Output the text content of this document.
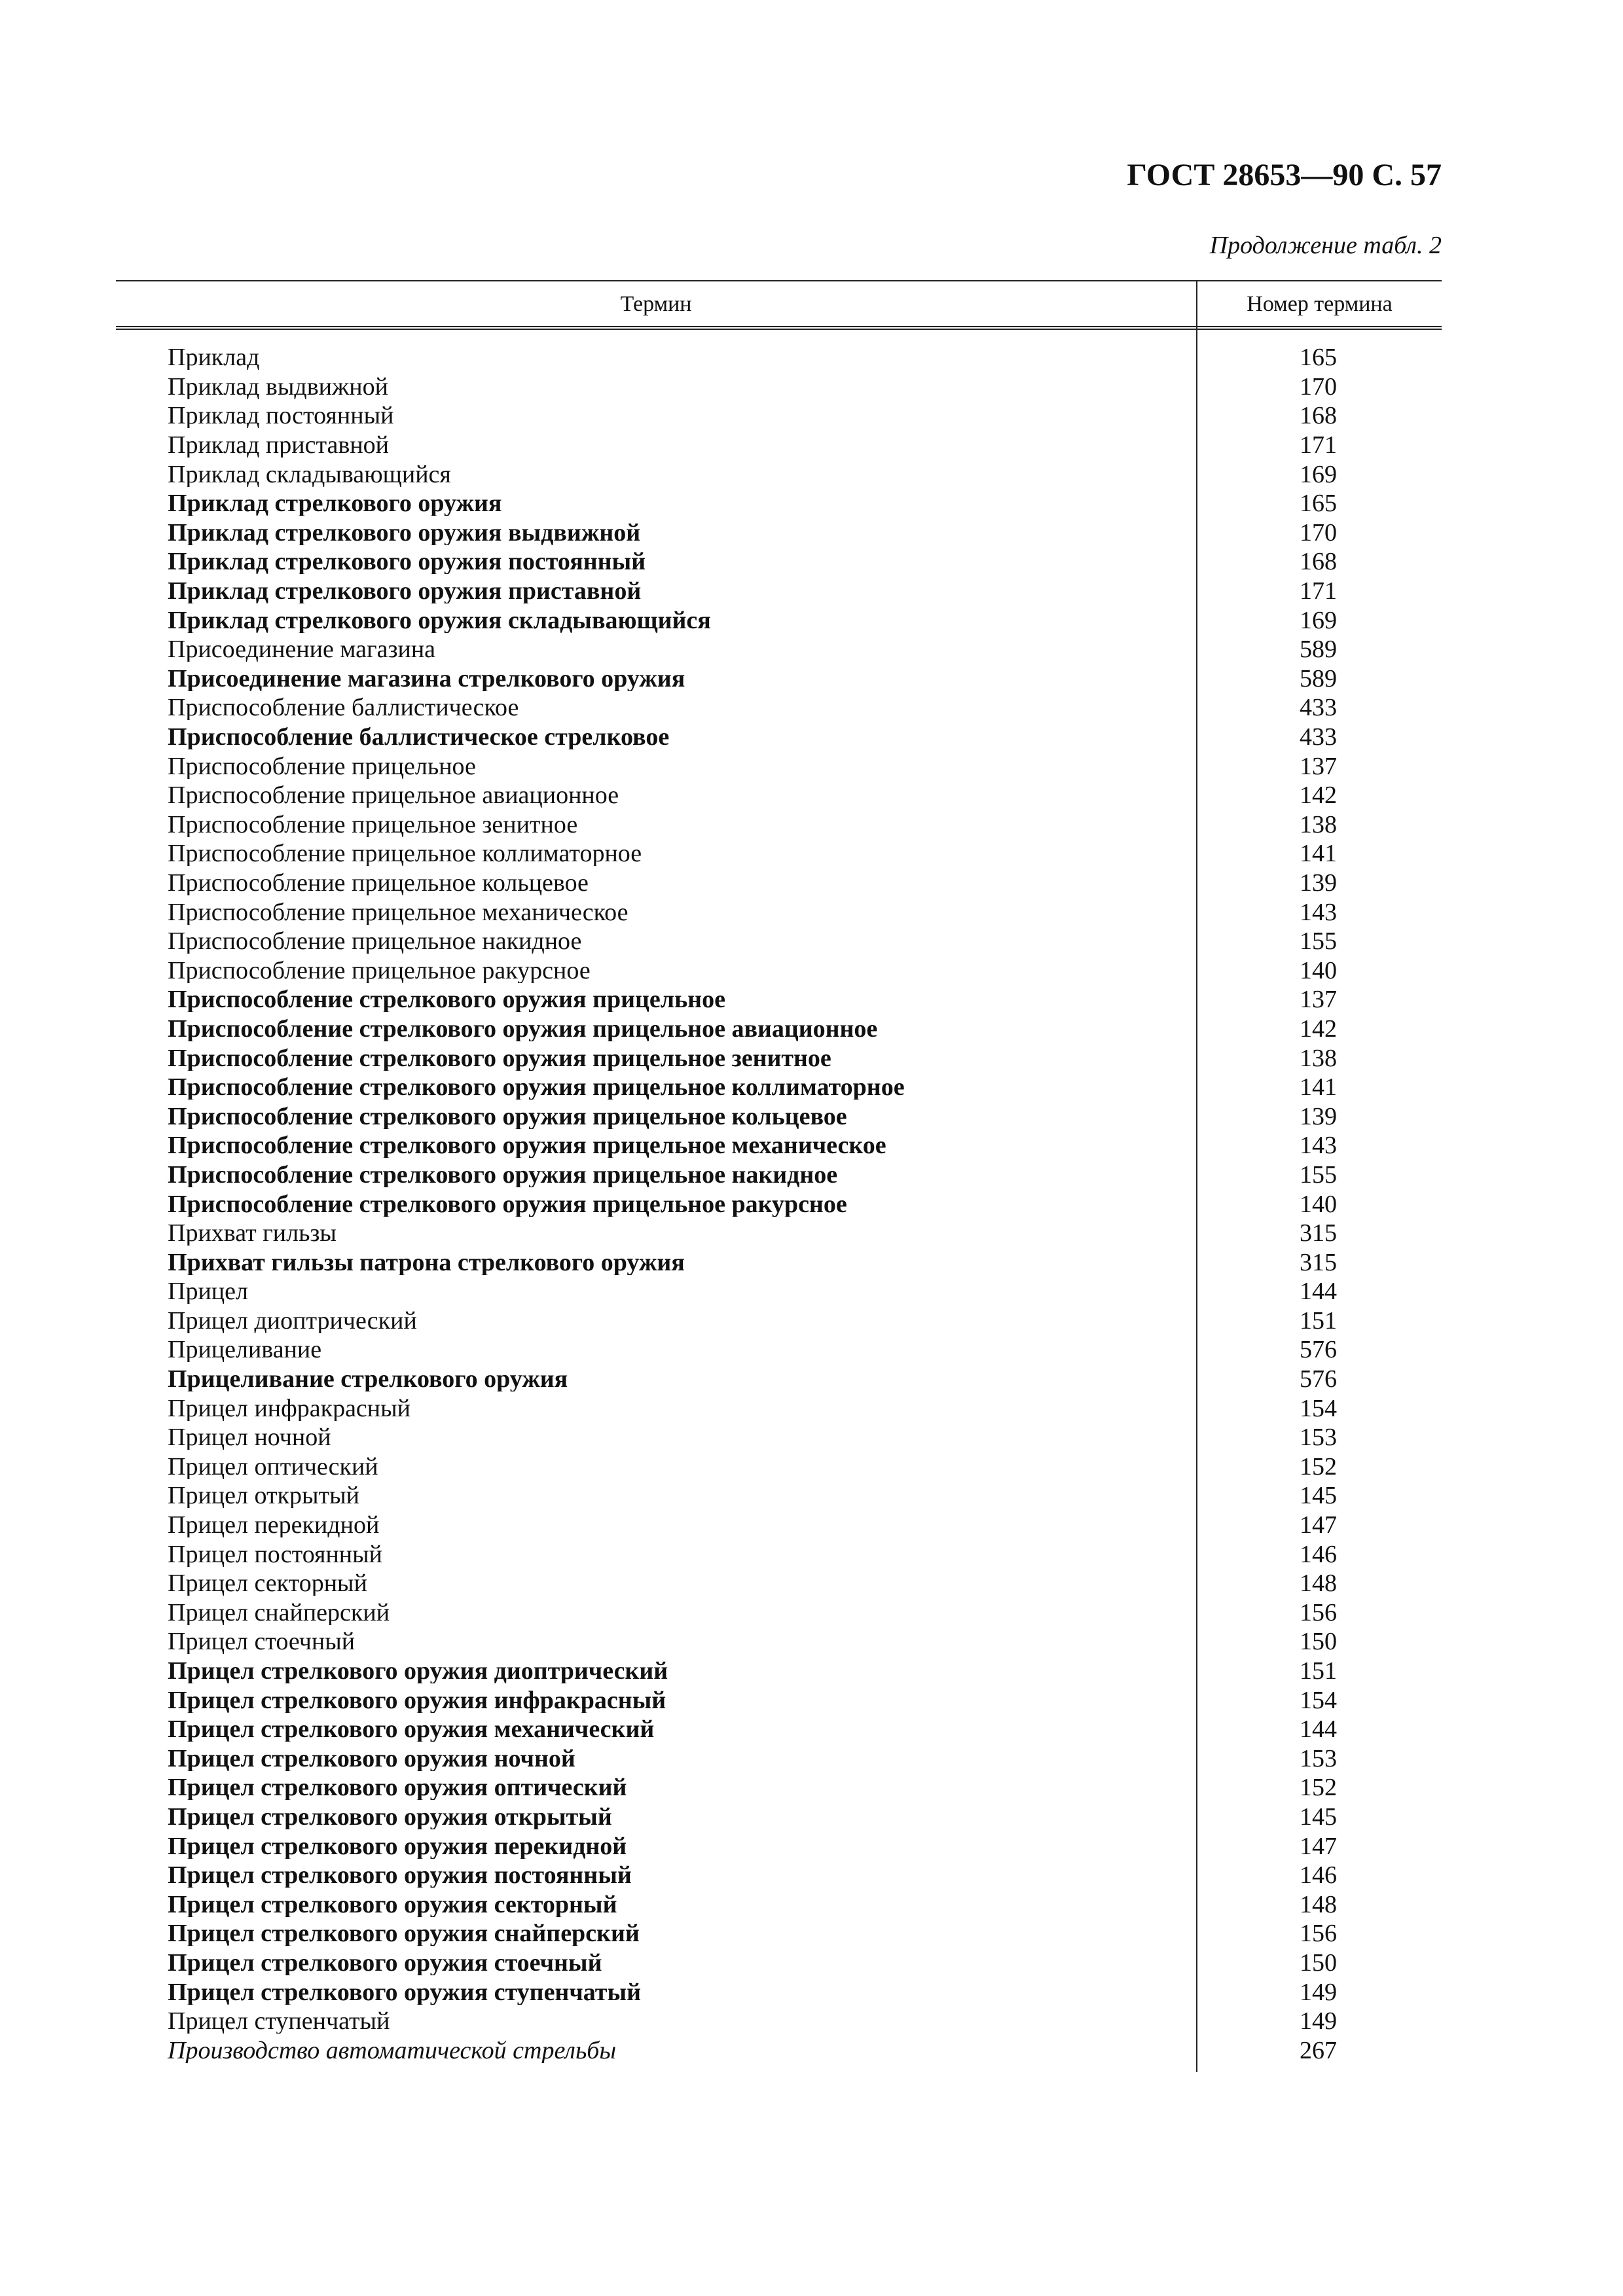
ГОСТ 28653—90 С. 57
Продолжение табл. 2
Термин	Номер термина
Приклад	165
Приклад выдвижной	170
Приклад постоянный	168
Приклад приставной	171
Приклад складывающийся	169
Приклад стрелкового оружия	165
Приклад стрелкового оружия выдвижной	170
Приклад стрелкового оружия постоянный	168
Приклад стрелкового оружия приставной	171
Приклад стрелкового оружия складывающийся	169
Присоединение магазина	589
Присоединение магазина стрелкового оружия	589
Приспособление баллистическое	433
Приспособление баллистическое стрелковое	433
Приспособление прицельное	137
Приспособление прицельное авиационное	142
Приспособление прицельное зенитное	138
Приспособление прицельное коллиматорное	141
Приспособление прицельное кольцевое	139
Приспособление прицельное механическое	143
Приспособление прицельное накидное	155
Приспособление прицельное ракурсное	140
Приспособление стрелкового оружия прицельное	137
Приспособление стрелкового оружия прицельное авиационное	142
Приспособление стрелкового оружия прицельное зенитное	138
Приспособление стрелкового оружия прицельное коллиматорное	141
Приспособление стрелкового оружия прицельное кольцевое	139
Приспособление стрелкового оружия прицельное механическое	143
Приспособление стрелкового оружия прицельное накидное	155
Приспособление стрелкового оружия прицельное ракурсное	140
Прихват гильзы	315
Прихват гильзы патрона стрелкового оружия	315
Прицел	144
Прицел диоптрический	151
Прицеливание	576
Прицеливание стрелкового оружия	576
Прицел инфракрасный	154
Прицел ночной	153
Прицел оптический	152
Прицел открытый	145
Прицел перекидной	147
Прицел постоянный	146
Прицел секторный	148
Прицел снайперский	156
Прицел стоечный	150
Прицел стрелкового оружия диоптрический	151
Прицел стрелкового оружия инфракрасный	154
Прицел стрелкового оружия механический	144
Прицел стрелкового оружия ночной	153
Прицел стрелкового оружия оптический	152
Прицел стрелкового оружия открытый	145
Прицел стрелкового оружия перекидной	147
Прицел стрелкового оружия постоянный	146
Прицел стрелкового оружия секторный	148
Прицел стрелкового оружия снайперский	156
Прицел стрелкового оружия стоечный	150
Прицел стрелкового оружия ступенчатый	149
Прицел ступенчатый	149
Производство автоматической стрельбы	267
